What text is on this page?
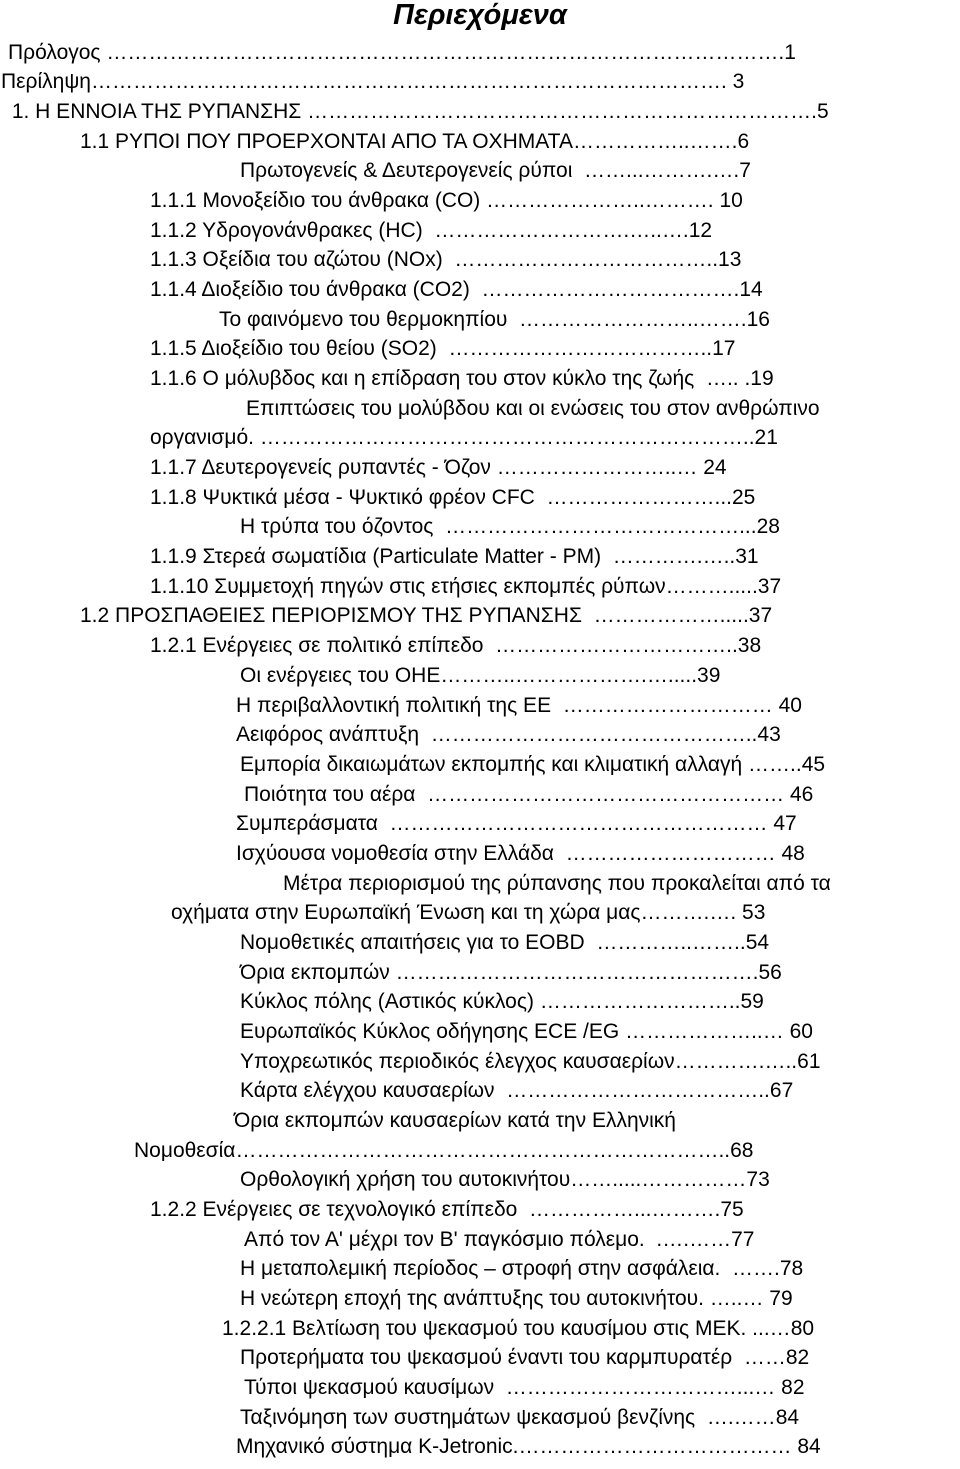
Περιεχόμενα
Πρόλογος …………………………………………………………………………………….1
Περίληψη………………………………………………………………………………. 3
1. Η ΕΝΝΟΙΑ ΤΗΣ ΡΥΠΑΝΣΗΣ ……………………………………………………………….5
1.1 ΡΥΠΟΙ ΠΟΥ ΠΡΟΕΡΧΟΝΤΑΙ ΑΠΟ ΤΑ ΟΧΗΜΑΤΑ……………..…….6
Πρωτογενείς & Δευτερογενείς ρύποι  ……...……….….7
1.1.1 Μονοξείδιο του άνθρακα (CO) …………………..………. 10
1.1.2 Υδρογονάνθρακες (HC)  ……………………….…..….12
1.1.3 Οξείδια του αζώτου (NOx)  ………………………………..13
1.1.4 Διοξείδιο του άνθρακα (CO2)  ……………………………….14
Το φαινόμενο του θερμοκηπίου  ……………………..…….16
1.1.5 Διοξείδιο του θείου (SO2)  ………………………………..17
1.1.6 Ο μόλυβδος και η επίδραση του στον κύκλο της ζωής  ….. .19
Επιπτώσεις του μολύβδου και οι ενώσεις του στον ανθρώπινο
οργανισμό. ……………………………………………………………..21
1.1.7 Δευτερογενείς ρυπαντές - Όζον ……………………..… 24
1.1.8 Ψυκτικά μέσα - Ψυκτικό φρέον CFC  ……………………...25
Η τρύπα του όζοντος  ……………………………………...28
1.1.9 Στερεά σωματίδια (Particulate Matter - PM)  ………….…..31
1.1.10 Συμμετοχή πηγών στις ετήσιες εκπομπές ρύπων……….....37
1.2 ΠΡΟΣΠΑΘΕΙΕΣ ΠΕΡΙΟΡΙΣΜΟΥ ΤΗΣ ΡΥΠΑΝΣΗΣ  ……………….....37
1.2.1 Ενέργειες σε πολιτικό επίπεδο  ……………………………..38
Οι ενέργειες του ΟΗΕ………..……………….….....39
Η περιβαλλοντική πολιτική της ΕΕ  ………………………… 40
Αειφόρος ανάπτυξη  ………………………………………..43
Εμπορία δικαιωμάτων εκπομπής και κλιματική αλλαγή ……..45
Ποιότητα του αέρα  …………………………………………… 46
Συμπεράσματα  ……………………………………………… 47
Ισχύουσα νομοθεσία στην Ελλάδα  ………………………… 48
Μέτρα περιορισμού της ρύπανσης που προκαλείται από τα
οχήματα στην Ευρωπαϊκή Ένωση και τη χώρα μας……….…. 53
Νομοθετικές απαιτήσεις για το EOBD  …………..……..54
Όρια εκπομπών …………………………………………….56
Κύκλος πόλης (Αστικός κύκλος) ………………………..59
Ευρωπαϊκός Κύκλος οδήγησης ECE /EG ………………..… 60
Υποχρεωτικός περιοδικός έλεγχος καυσαερίων………….…..61
Κάρτα ελέγχου καυσαερίων  ………………………………..67
Όρια εκπομπών καυσαερίων κατά την Ελληνική
Νομοθεσία……………………………………………………………..68
Ορθολογική χρήση του αυτοκινήτου…….....……………73
1.2.2 Ενέργειες σε τεχνολογικό επίπεδο  ……………...……….75
Από τον Α' μέχρι τον Β' παγκόσμιο πόλεμο.  .….……77
Η μεταπολεμική περίοδος – στροφή στην ασφάλεια.  …….78
Η νεώτερη εποχή της ανάπτυξης του αυτοκινήτου. …..… 79
1.2.2.1 Βελτίωση του ψεκασμού του καυσίμου στις ΜΕΚ. ...…80
Προτερήματα του ψεκασμού έναντι του καρμπυρατέρ  ……82
Τύποι ψεκασμού καυσίμων  ……………………………...… 82
Ταξινόμηση των συστημάτων ψεκασμού βενζίνης  ….……84
Μηχανικό σύστημα K-Jetronic.………………………………… 84
